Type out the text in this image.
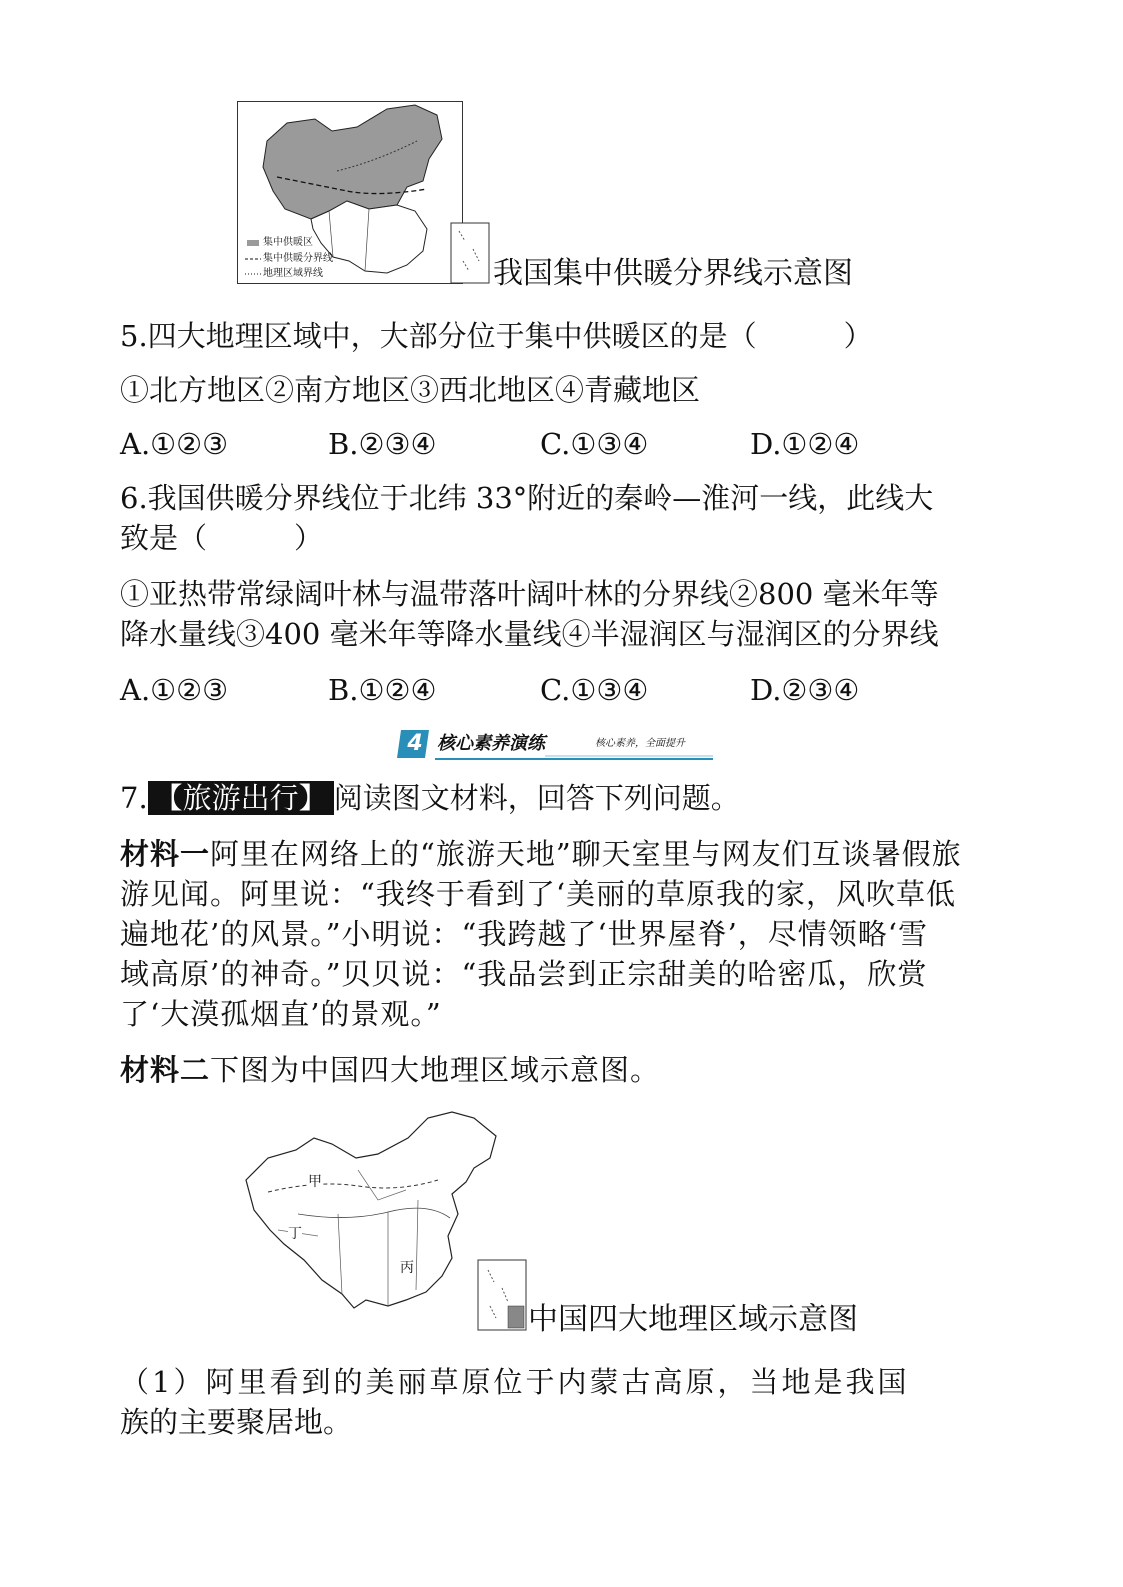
集中供暖区
集中供暖分界线
地理区域界线	我国集中供暖分界线示意图
5.四大地理区域中，大部分位于集中供暖区的是（　　　）
①北方地区②南方地区③西北地区④青藏地区
A.①②③	B.②③④	C.①③④	D.①②④
6.我国供暖分界线位于北纬 33°附近的秦岭—淮河一线，此线大
致是（　　　）
①亚热带常绿阔叶林与温带落叶阔叶林的分界线②800 毫米年等
降水量线③400 毫米年等降水量线④半湿润区与湿润区的分界线
A.①②③	B.①②④	C.①③④	D.②③④
4 核心素养演练	核心素养，全面提升
7. 【旅游出行】 阅读图文材料，回答下列问题。
材料一阿里在网络上的“旅游天地”聊天室里与网友们互谈暑假旅
游见闻。阿里说：“我终于看到了‘美丽的草原我的家，风吹草低
遍地花’的风景。”小明说：“我跨越了‘世界屋脊’，尽情领略‘雪
域高原’的神奇。”贝贝说：“我品尝到正宗甜美的哈密瓜，欣赏
了‘大漠孤烟直’的景观。”
材料二下图为中国四大地理区域示意图。
甲
丁
丙
中国四大地理区域示意图
（1）阿里看到的美丽草原位于内蒙古高原，当地是我国
族的主要聚居地。
